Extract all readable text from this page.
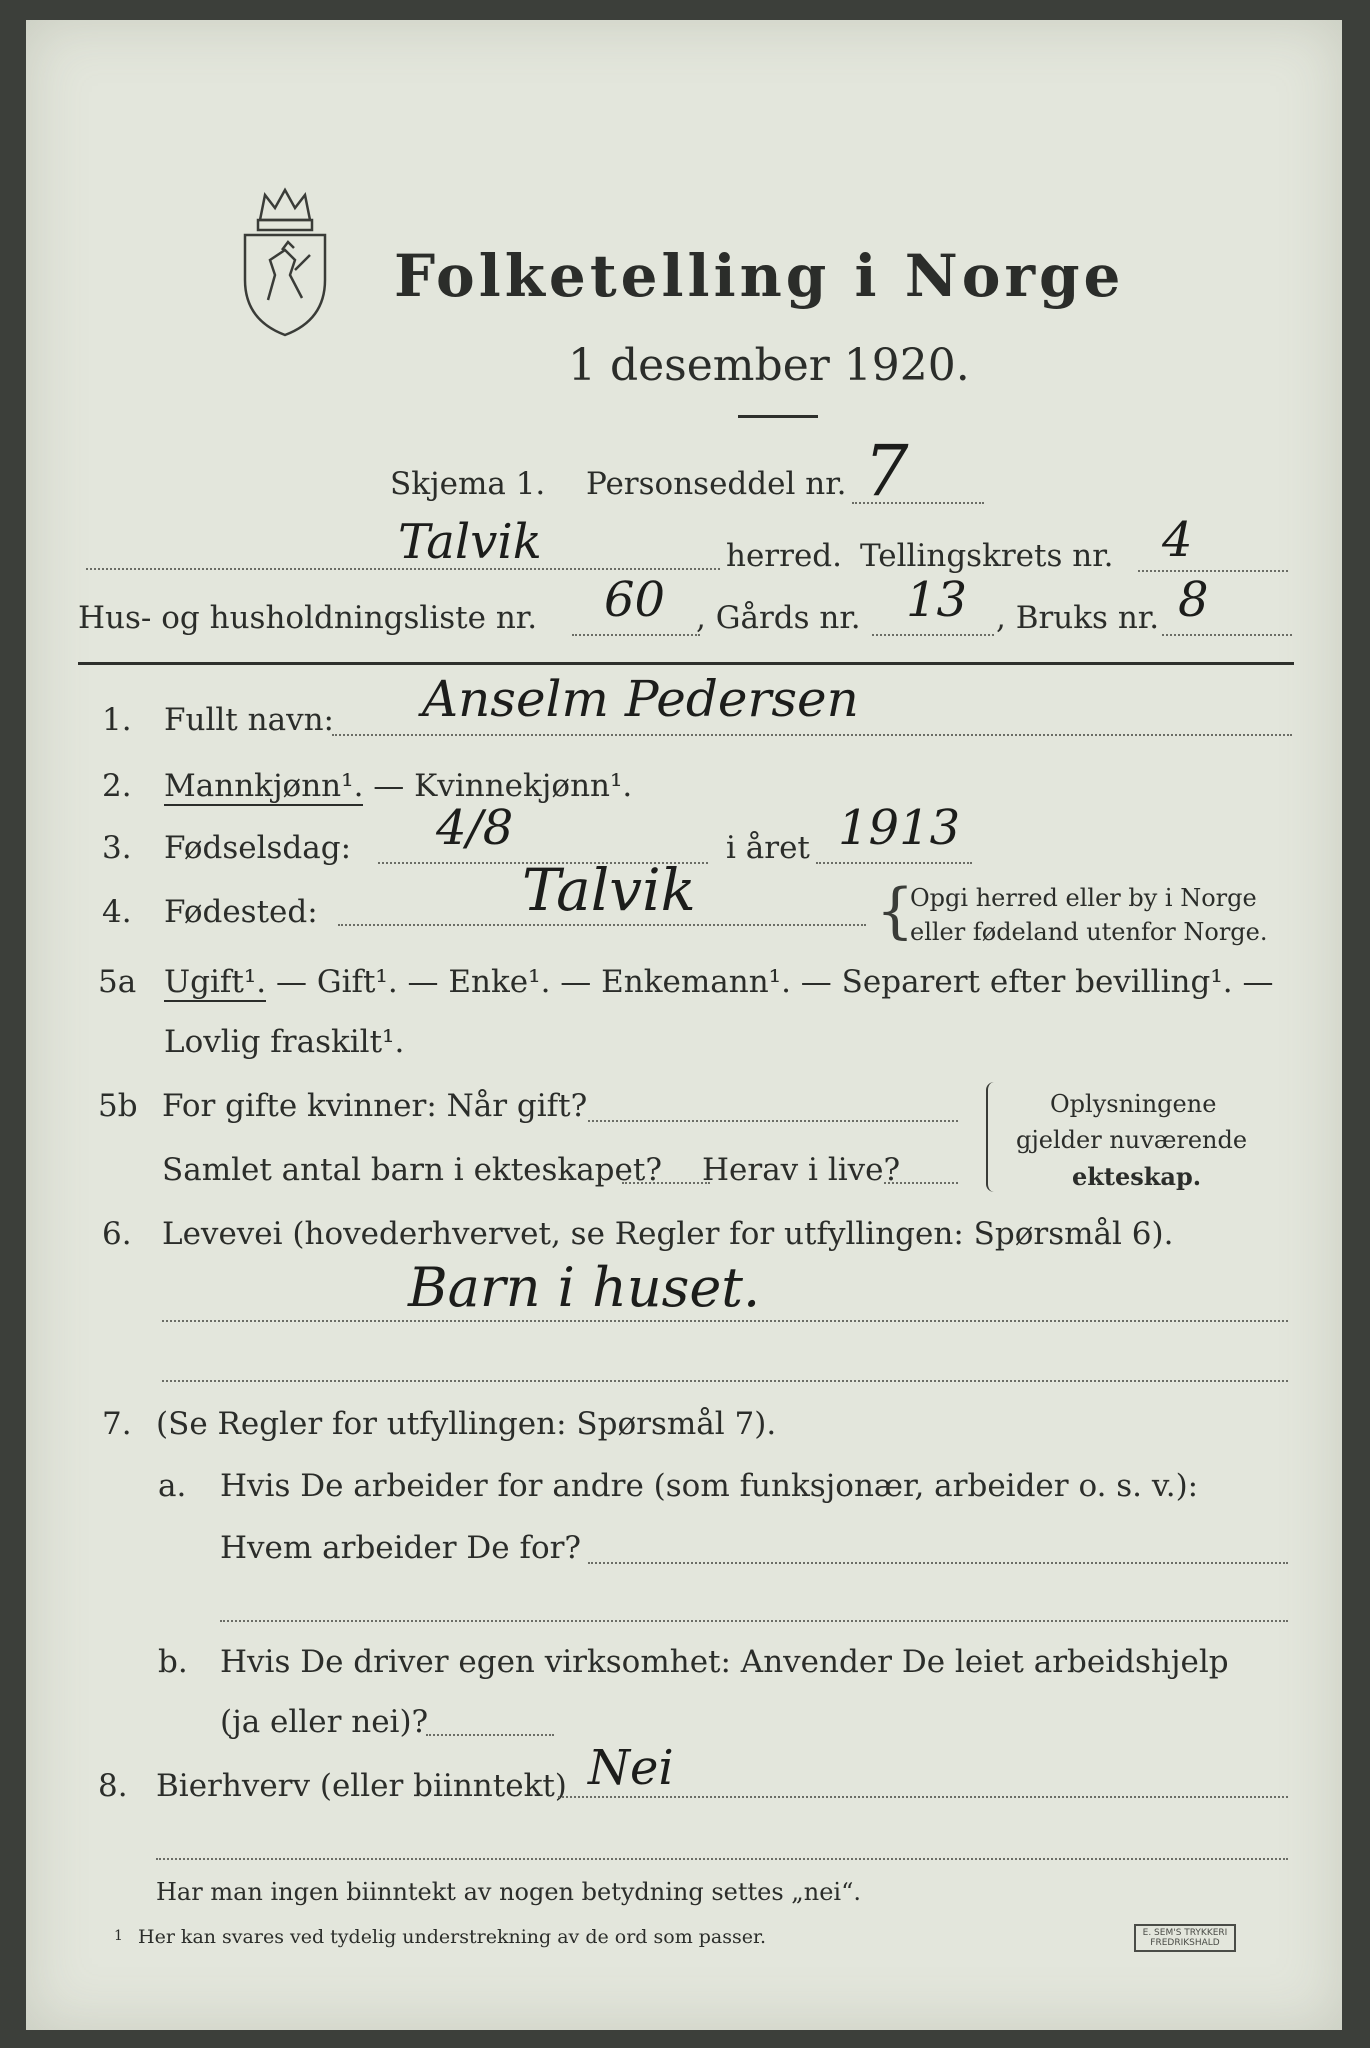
Folketelling i Norge
1 desember 1920.
Skjema 1. Personseddel nr. 7
Talvik	herred. Tellingskrets nr. 4
Hus- og husholdningsliste nr. 60 , Gårds nr. 13 , Bruks nr. 8
1. Fullt navn: Anselm Pedersen
2. Mannkjønn¹. — Kvinnekjønn¹.
3. Fødselsdag: 4/8	i året 1913
4. Fødested:	Talvik	{
Opgi herred eller by i Norge
eller fødeland utenfor Norge.
5a Ugift¹. — Gift¹. — Enke¹. — Enkemann¹. — Separert efter bevilling¹. —
Lovlig fraskilt¹.
5b For gifte kvinner: Når gift?
Samlet antal barn i ekteskapet? Herav i live?
Oplysningene
gjelder nuværende
ekteskap.
6. Levevei (hovederhvervet, se Regler for utfyllingen: Spørsmål 6).
Barn i huset.
7. (Se Regler for utfyllingen: Spørsmål 7).
a. Hvis De arbeider for andre (som funksjonær, arbeider o. s. v.):
Hvem arbeider De for?
b. Hvis De driver egen virksomhet: Anvender De leiet arbeidshjelp
(ja eller nei)?
8. Bierhverv (eller biinntekt) Nei
Har man ingen biinntekt av nogen betydning settes „nei“.
1 Her kan svares ved tydelig understrekning av de ord som passer.	E. SEM'S TRYKKERI
FREDRIKSHALD
